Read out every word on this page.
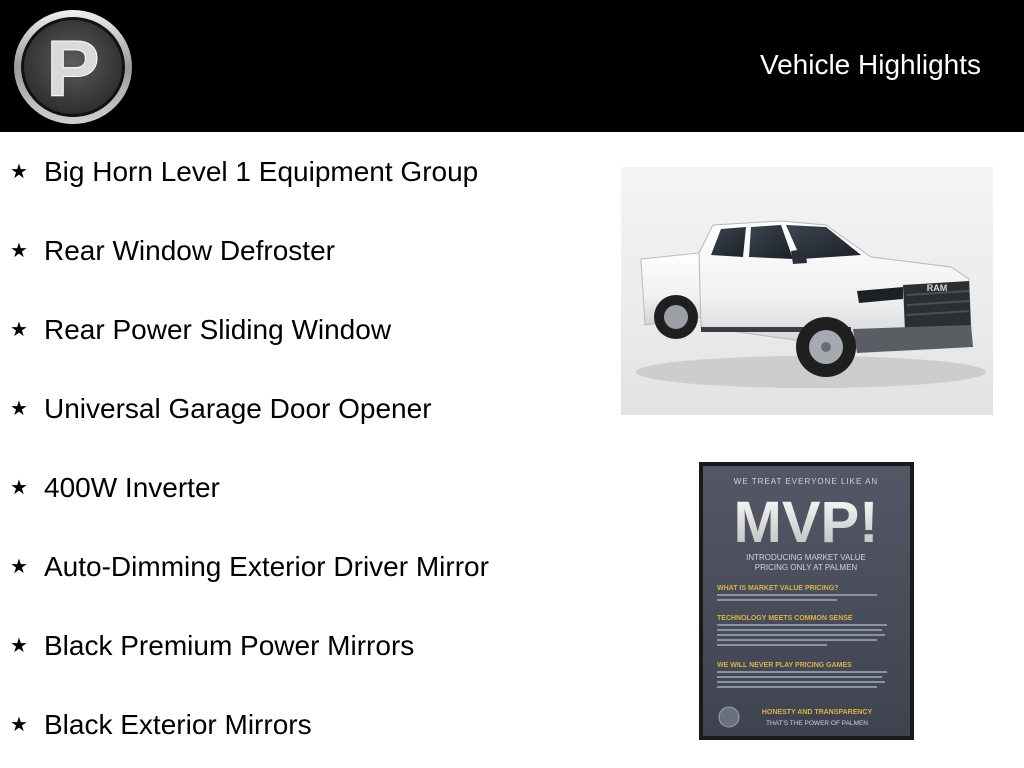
P	Vehicle Highlights
★ Big Horn Level 1 Equipment Group
★ Rear Window Defroster
★ Rear Power Sliding Window
★ Universal Garage Door Opener
★ 400W Inverter
★ Auto-Dimming Exterior Driver Mirror
★ Black Premium Power Mirrors
★ Black Exterior Mirrors
RAM
WE TREAT EVERYONE LIKE AN
MVP!
INTRODUCING MARKET VALUE
PRICING ONLY AT PALMEN
WHAT IS MARKET VALUE PRICING?
TECHNOLOGY MEETS COMMON SENSE
WE WILL NEVER PLAY PRICING GAMES
HONESTY AND TRANSPARENCY
THAT'S THE POWER OF PALMEN
